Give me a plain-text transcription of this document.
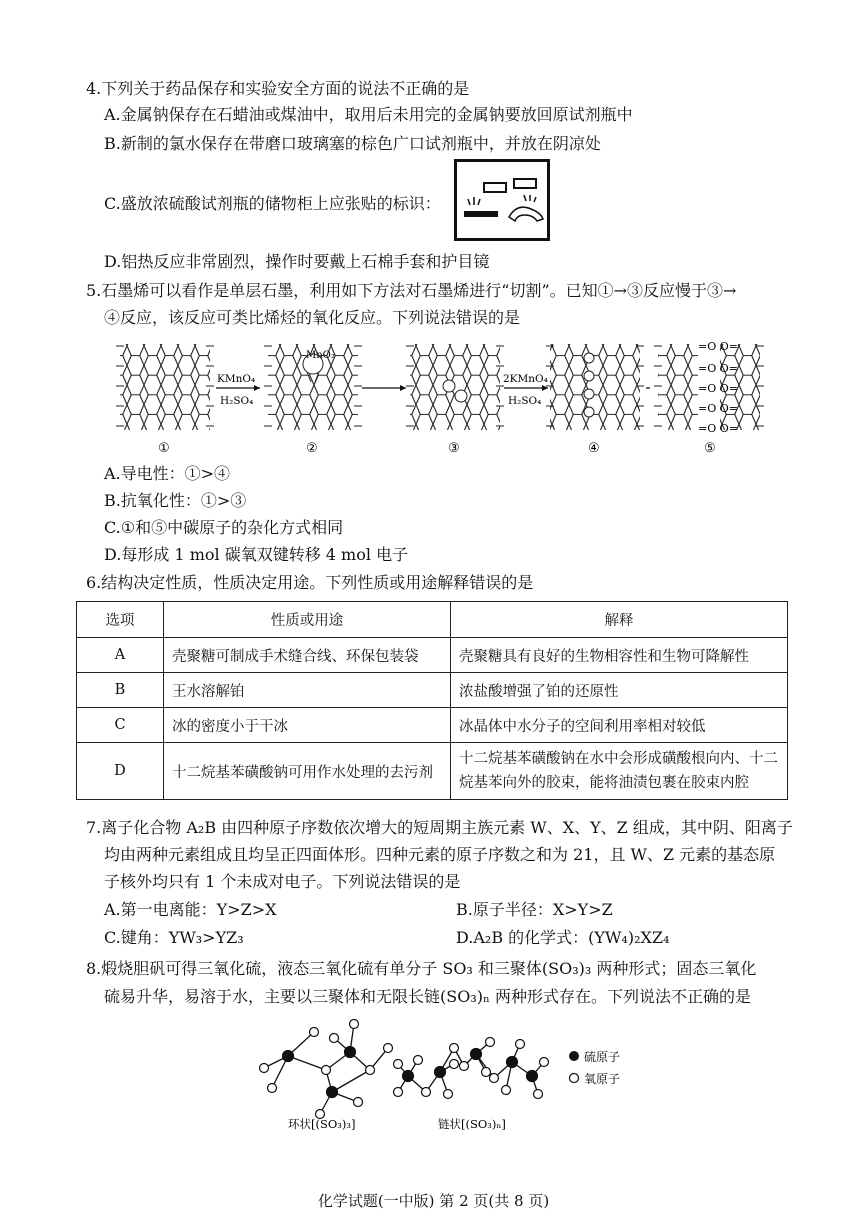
4.下列关于药品保存和实验安全方面的说法不正确的是
A.金属钠保存在石蜡油或煤油中，取用后未用完的金属钠要放回原试剂瓶中
B.新制的氯水保存在带磨口玻璃塞的棕色广口试剂瓶中，并放在阴凉处
C.盛放浓硫酸试剂瓶的储物柜上应张贴的标识：
D.铝热反应非常剧烈，操作时要戴上石棉手套和护目镜
5.石墨烯可以看作是单层石墨，利用如下方法对石墨烯进行“切割”。已知①→③反应慢于③→
④反应，该反应可类比烯烃的氧化反应。下列说法错误的是
KMnO₄
H₂SO₄
MnO₂
2KMnO₄
H₂SO₄
=O O=
=O O=
=O O=
=O O=
=O O=
①	②	③	④	⑤
A.导电性：①>④
B.抗氧化性：①>③
C.①和⑤中碳原子的杂化方式相同
D.每形成 1 mol 碳氧双键转移 4 mol 电子
6.结构决定性质，性质决定用途。下列性质或用途解释错误的是
选项	性质或用途	解释
A	壳聚糖可制成手术缝合线、环保包装袋	壳聚糖具有良好的生物相容性和生物可降解性
B	王水溶解铂	浓盐酸增强了铂的还原性
C	冰的密度小于干冰	冰晶体中水分子的空间利用率相对较低
D	十二烷基苯磺酸钠可用作水处理的去污剂	十二烷基苯磺酸钠在水中会形成磺酸根向内、十二烷基苯向外的胶束，能将油渍包裹在胶束内腔
7.离子化合物 A₂B 由四种原子序数依次增大的短周期主族元素 W、X、Y、Z 组成，其中阴、阳离子
均由两种元素组成且均呈正四面体形。四种元素的原子序数之和为 21，且 W、Z 元素的基态原
子核外均只有 1 个未成对电子。下列说法错误的是
A.第一电离能：Y>Z>X	B.原子半径：X>Y>Z
C.键角：YW₃>YZ₃	D.A₂B 的化学式：(YW₄)₂XZ₄
8.煅烧胆矾可得三氧化硫，液态三氧化硫有单分子 SO₃ 和三聚体(SO₃)₃ 两种形式；固态三氧化
硫易升华，易溶于水，主要以三聚体和无限长链(SO₃)ₙ 两种形式存在。下列说法不正确的是
硫原子
氧原子
环状[(SO₃)₃]	链状[(SO₃)ₙ]
化学试题(一中版) 第 2 页(共 8 页)
